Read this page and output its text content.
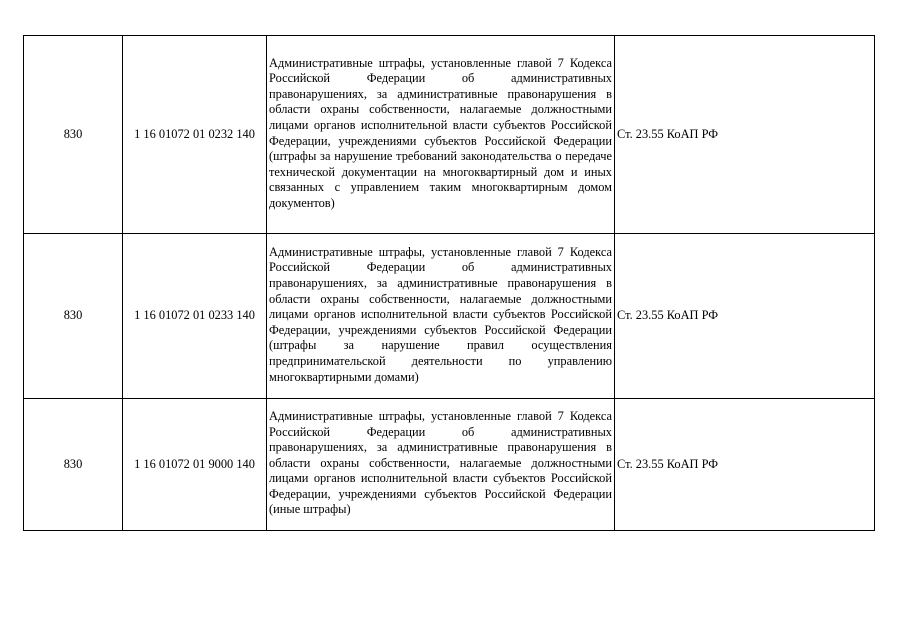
830	1 16 01072 01 0232 140	Административные штрафы, установленные главой 7 Кодекса Российской Федерации об административных правонарушениях, за административные правонарушения в области охраны собственности, налагаемые должностными лицами органов исполнительной власти субъектов Российской Федерации, учреждениями субъектов Российской Федерации (штрафы за нарушение требований законодательства о передаче технической документации на многоквартирный дом и иных связанных с управлением таким многоквартирным домом документов)	Ст. 23.55 КоАП РФ
830	1 16 01072 01 0233 140	Административные штрафы, установленные главой 7 Кодекса Российской Федерации об административных правонарушениях, за административные правонарушения в области охраны собственности, налагаемые должностными лицами органов исполнительной власти субъектов Российской Федерации, учреждениями субъектов Российской Федерации (штрафы за нарушение правил осуществления предпринимательской деятельности по управлению многоквартирными домами)	Ст. 23.55 КоАП РФ
830	1 16 01072 01 9000 140	Административные штрафы, установленные главой 7 Кодекса Российской Федерации об административных правонарушениях, за административные правонарушения в области охраны собственности, налагаемые должностными лицами органов исполнительной власти субъектов Российской Федерации, учреждениями субъектов Российской Федерации (иные штрафы)	Ст. 23.55 КоАП РФ
